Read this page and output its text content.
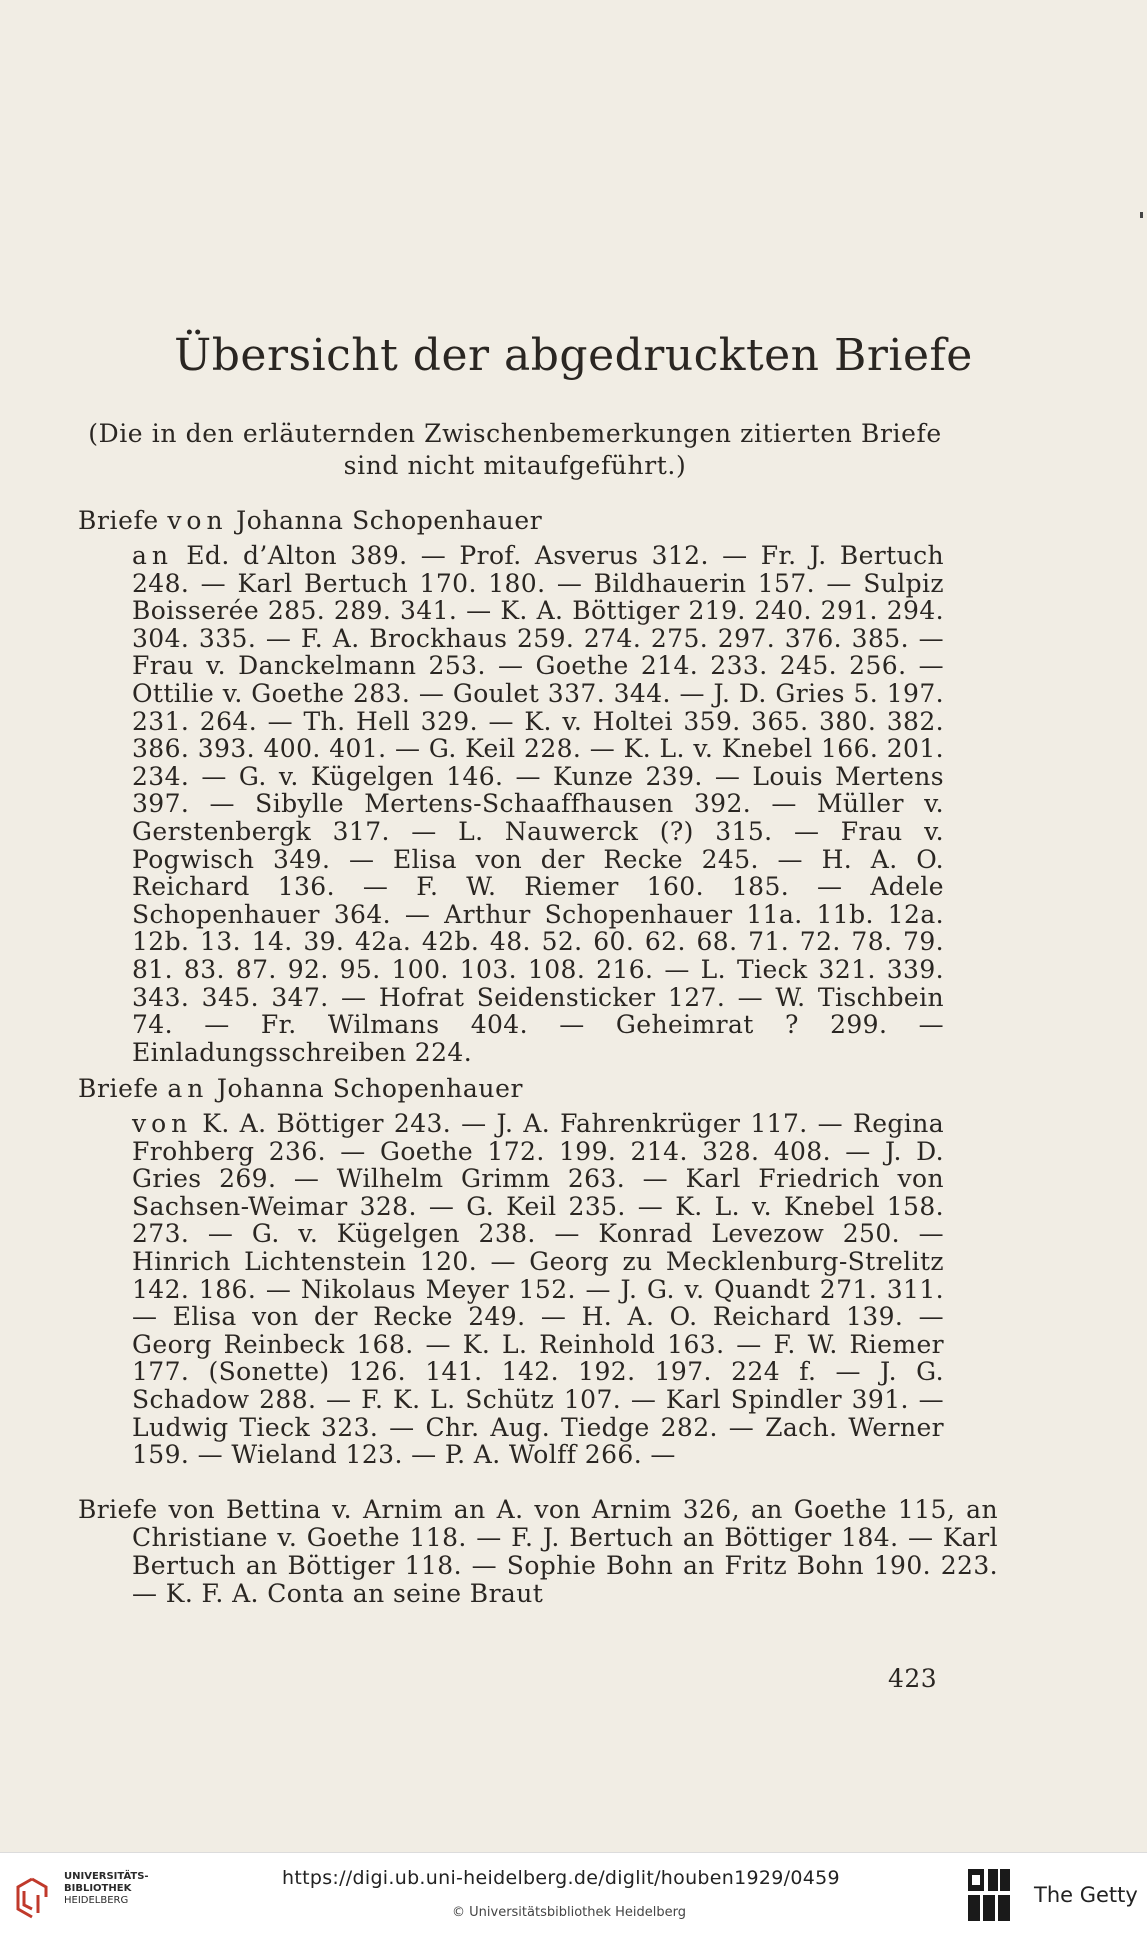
Übersicht der abgedruckten Briefe
(Die in den erläuternden Zwischenbemerkungen zitierten Briefe sind nicht mitaufgeführt.)
Briefe von Johanna Schopenhauer
an Ed. d’Alton 389. — Prof. Asverus 312. — Fr. J. Bertuch 248. — Karl Bertuch 170. 180. — Bildhauerin 157. — Sulpiz Boisserée 285. 289. 341. — K. A. Böttiger 219. 240. 291. 294. 304. 335. — F. A. Brockhaus 259. 274. 275. 297. 376. 385. — Frau v. Danckelmann 253. — Goethe 214. 233. 245. 256. — Ottilie v. Goethe 283. — Goulet 337. 344. — J. D. Gries 5. 197. 231. 264. — Th. Hell 329. — K. v. Holtei 359. 365. 380. 382. 386. 393. 400. 401. — G. Keil 228. — K. L. v. Knebel 166. 201. 234. — G. v. Kügelgen 146. — Kunze 239. — Louis Mertens 397. — Sibylle Mertens-Schaaffhausen 392. — Müller v. Gerstenbergk 317. — L. Nauwerck (?) 315. — Frau v. Pogwisch 349. — Elisa von der Recke 245. — H. A. O. Reichard 136. — F. W. Riemer 160. 185. — Adele Schopenhauer 364. — Arthur Schopenhauer 11a. 11b. 12a. 12b. 13. 14. 39. 42a. 42b. 48. 52. 60. 62. 68. 71. 72. 78. 79. 81. 83. 87. 92. 95. 100. 103. 108. 216. — L. Tieck 321. 339. 343. 345. 347. — Hofrat Seidensticker 127. — W. Tischbein 74. — Fr. Wilmans 404. — Geheimrat ? 299. — Einladungsschreiben 224.
Briefe an Johanna Schopenhauer
von K. A. Böttiger 243. — J. A. Fahrenkrüger 117. — Regina Frohberg 236. — Goethe 172. 199. 214. 328. 408. — J. D. Gries 269. — Wilhelm Grimm 263. — Karl Friedrich von Sachsen-Weimar 328. — G. Keil 235. — K. L. v. Knebel 158. 273. — G. v. Kügelgen 238. — Konrad Levezow 250. — Hinrich Lichtenstein 120. — Georg zu Mecklenburg-Strelitz 142. 186. — Nikolaus Meyer 152. — J. G. v. Quandt 271. 311. — Elisa von der Recke 249. — H. A. O. Reichard 139. — Georg Reinbeck 168. — K. L. Reinhold 163. — F. W. Riemer 177. (Sonette) 126. 141. 142. 192. 197. 224 f. — J. G. Schadow 288. — F. K. L. Schütz 107. — Karl Spindler 391. — Ludwig Tieck 323. — Chr. Aug. Tiedge 282. — Zach. Werner 159. — Wieland 123. — P. A. Wolff 266. —
Briefe von Bettina v. Arnim an A. von Arnim 326, an Goethe 115, an Christiane v. Goethe 118. — F. J. Bertuch an Böttiger 184. — Karl Bertuch an Böttiger 118. — Sophie Bohn an Fritz Bohn 190. 223. — K. F. A. Conta an seine Braut
423
UNIVERSITÄTS-
BIBLIOTHEK
HEIDELBERG
https://digi.ub.uni-heidelberg.de/diglit/houben1929/0459
© Universitätsbibliothek Heidelberg
The Getty
